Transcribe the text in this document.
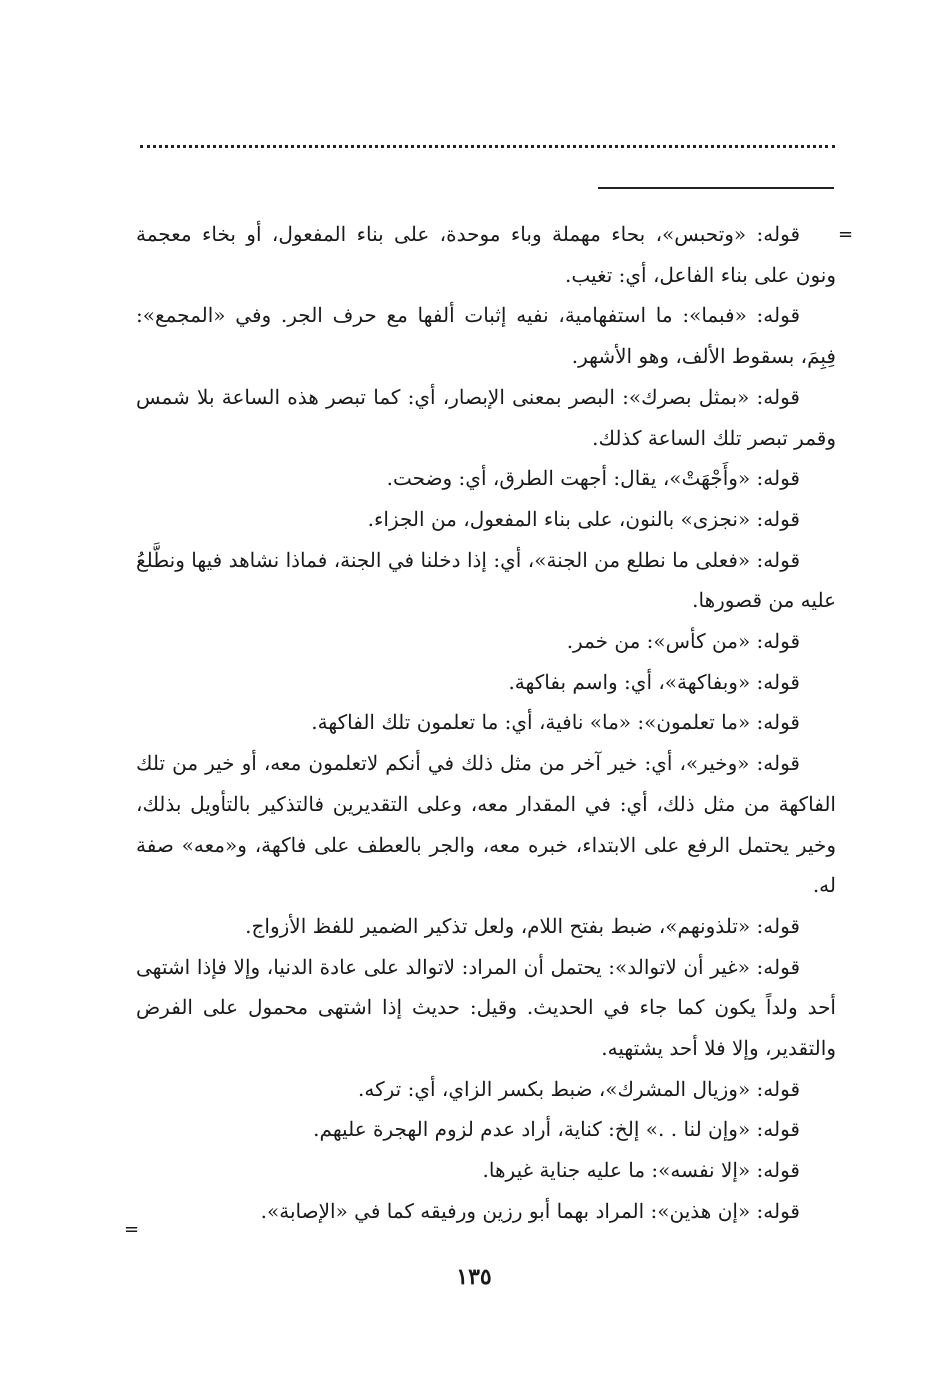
=

قوله: «وتحبس»، بحاء مهملة وباء موحدة، على بناء المفعول، أو بخاء معجمة ونون على بناء الفاعل، أي: تغيب.

قوله: «فبما»: ما استفهامية، نفيه إثبات ألفها مع حرف الجر. وفي «المجمع»: فِبِمَ، بسقوط الألف، وهو الأشهر.

قوله: «بمثل بصرك»: البصر بمعنى الإبصار، أي: كما تبصر هذه الساعة بلا شمس وقمر تبصر تلك الساعة كذلك.

قوله: «وأَجْهَتْ»، يقال: أجهت الطرق، أي: وضحت.

قوله: «نجزى» بالنون، على بناء المفعول، من الجزاء.

قوله: «فعلى ما نطلع من الجنة»، أي: إذا دخلنا في الجنة، فماذا نشاهد فيها ونطَّلعُ عليه من قصورها.

قوله: «من كأس»: من خمر.

قوله: «وبفاكهة»، أي: واسم بفاكهة.

قوله: «ما تعلمون»: «ما» نافية، أي: ما تعلمون تلك الفاكهة.

قوله: «وخير»، أي: خير آخر من مثل ذلك في أنكم لاتعلمون معه، أو خير من تلك الفاكهة من مثل ذلك، أي: في المقدار معه، وعلى التقديرين فالتذكير بالتأويل بذلك، وخير يحتمل الرفع على الابتداء، خبره معه، والجر بالعطف على فاكهة، و«معه» صفة له.

قوله: «تلذونهم»، ضبط بفتح اللام، ولعل تذكير الضمير للفظ الأزواج.

قوله: «غير أن لاتوالد»: يحتمل أن المراد: لاتوالد على عادة الدنيا، وإلا فإذا اشتهى أحد ولداً يكون كما جاء في الحديث. وقيل: حديث إذا اشتهى محمول على الفرض والتقدير، وإلا فلا أحد يشتهيه.

قوله: «وزيال المشرك»، ضبط بكسر الزاي، أي: تركه.

قوله: «وإن لنا . .» إلخ: كناية، أراد عدم لزوم الهجرة عليهم.

قوله: «إلا نفسه»: ما عليه جناية غيرها.

قوله: «إن هذين»: المراد بهما أبو رزين ورفيقه كما في «الإصابة».

=
١٣٥
